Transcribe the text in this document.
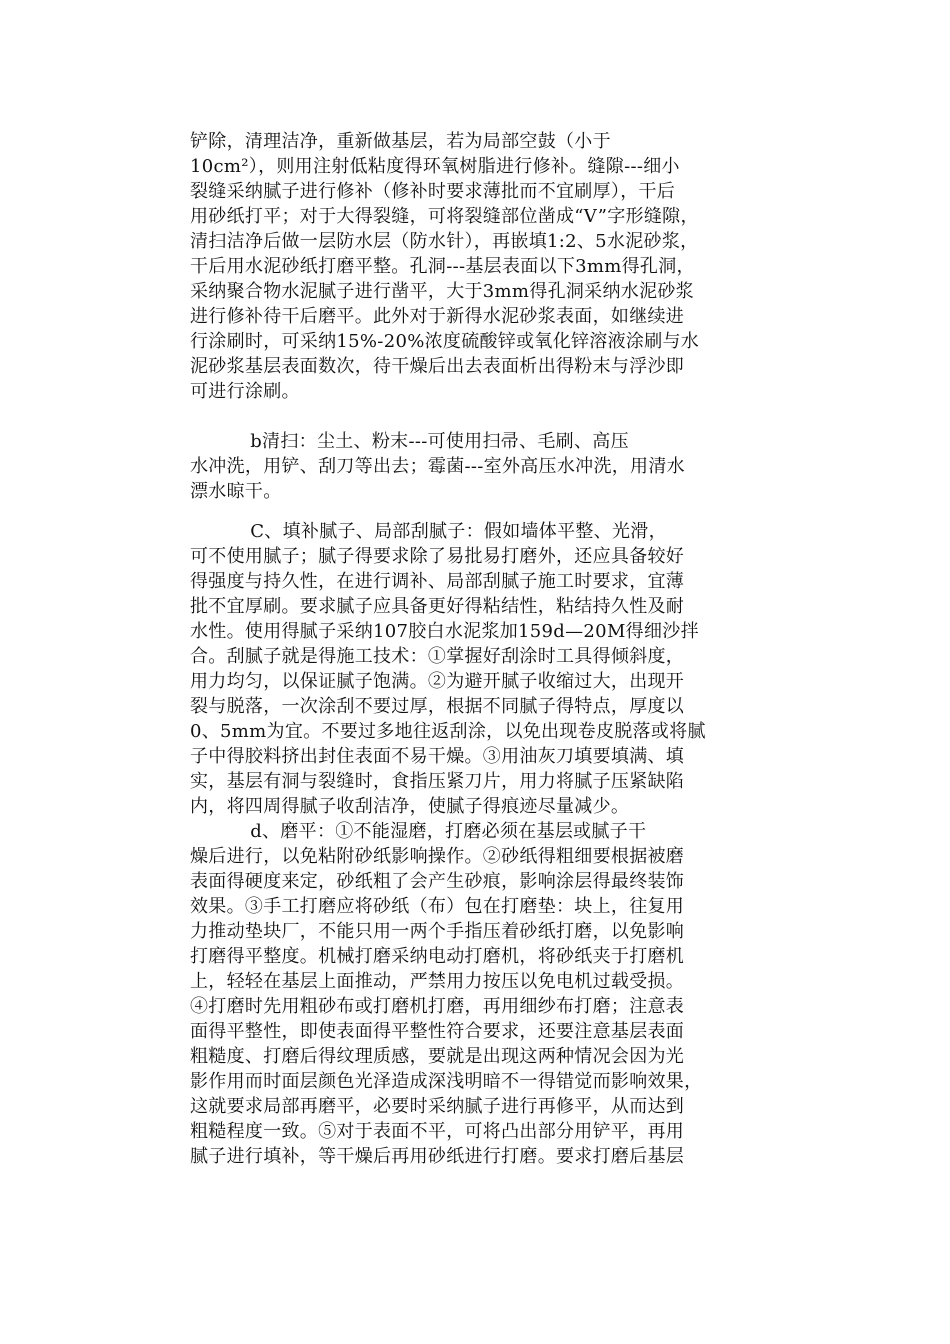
铲除，清理洁净，重新做基层，若为局部空鼓（小于
10cm²），则用注射低粘度得环氧树脂进行修补。缝隙---细小
裂缝采纳腻子进行修补（修补时要求薄批而不宜刷厚），干后
用砂纸打平；对于大得裂缝，可将裂缝部位凿成“V”字形缝隙，
清扫洁净后做一层防水层（防水针），再嵌填1:2、5水泥砂浆，
干后用水泥砂纸打磨平整。孔洞---基层表面以下3mm得孔洞，
采纳聚合物水泥腻子进行凿平，大于3mm得孔洞采纳水泥砂浆
进行修补待干后磨平。此外对于新得水泥砂浆表面，如继续进
行涂刷时，可采纳15%-20%浓度硫酸锌或氧化锌溶液涂刷与水
泥砂浆基层表面数次，待干燥后出去表面析出得粉末与浮沙即
可进行涂刷。
b清扫：尘土、粉末---可使用扫帚、毛刷、高压
水冲洗，用铲、刮刀等出去；霉菌---室外高压水冲洗，用清水
漂水晾干。
C、填补腻子、局部刮腻子：假如墙体平整、光滑，
可不使用腻子；腻子得要求除了易批易打磨外，还应具备较好
得强度与持久性，在进行调补、局部刮腻子施工时要求，宜薄
批不宜厚刷。要求腻子应具备更好得粘结性，粘结持久性及耐
水性。使用得腻子采纳107胶白水泥浆加159d—20M得细沙拌
合。刮腻子就是得施工技术：①掌握好刮涂时工具得倾斜度，
用力均匀，以保证腻子饱满。②为避开腻子收缩过大，出现开
裂与脱落，一次涂刮不要过厚，根据不同腻子得特点，厚度以
0、5mm为宜。不要过多地往返刮涂，以免出现卷皮脱落或将腻
子中得胶料挤出封住表面不易干燥。③用油灰刀填要填满、填
实，基层有洞与裂缝时，食指压紧刀片，用力将腻子压紧缺陷
内，将四周得腻子收刮洁净，使腻子得痕迹尽量减少。
d、磨平：①不能湿磨，打磨必须在基层或腻子干
燥后进行，以免粘附砂纸影响操作。②砂纸得粗细要根据被磨
表面得硬度来定，砂纸粗了会产生砂痕，影响涂层得最终装饰
效果。③手工打磨应将砂纸（布）包在打磨垫：块上，往复用
力推动垫块厂，不能只用一两个手指压着砂纸打磨，以免影响
打磨得平整度。机械打磨采纳电动打磨机，将砂纸夹于打磨机
上，轻轻在基层上面推动，严禁用力按压以免电机过载受损。
④打磨时先用粗砂布或打磨机打磨，再用细纱布打磨；注意表
面得平整性，即使表面得平整性符合要求，还要注意基层表面
粗糙度、打磨后得纹理质感，要就是出现这两种情况会因为光
影作用而时面层颜色光泽造成深浅明暗不一得错觉而影响效果，
这就要求局部再磨平，必要时采纳腻子进行再修平，从而达到
粗糙程度一致。⑤对于表面不平，可将凸出部分用铲平，再用
腻子进行填补，等干燥后再用砂纸进行打磨。要求打磨后基层
